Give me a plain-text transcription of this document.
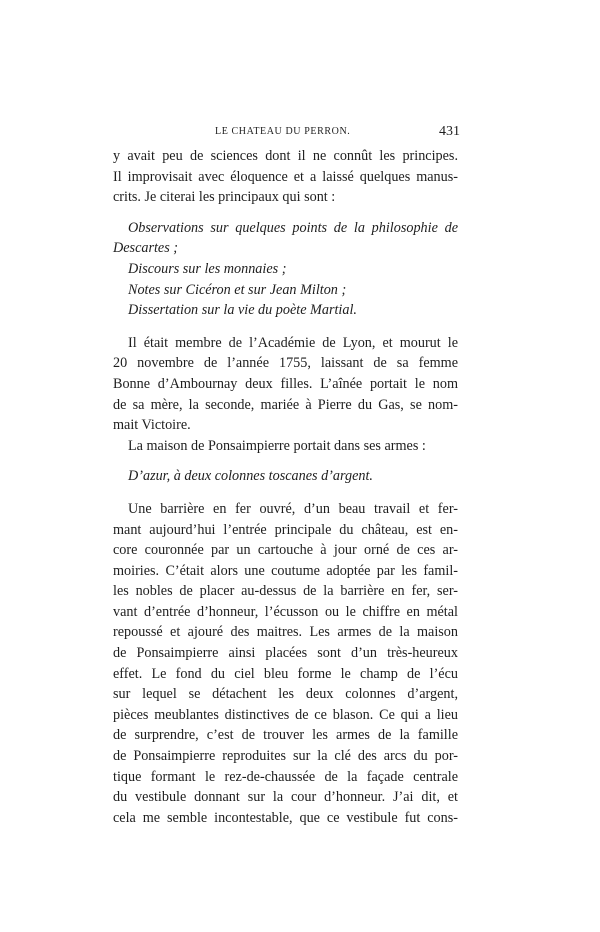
LE CHATEAU DU PERRON.	431
y avait peu de sciences dont il ne connût les principes.
Il improvisait avec éloquence et a laissé quelques manus-
crits. Je citerai les principaux qui sont :
Observations sur quelques points de la philosophie de
Descartes ;
Discours sur les monnaies ;
Notes sur Cicéron et sur Jean Milton ;
Dissertation sur la vie du poète Martial.
Il était membre de l’Académie de Lyon, et mourut le
20 novembre de l’année 1755, laissant de sa femme
Bonne d’Ambournay deux filles. L’aînée portait le nom
de sa mère, la seconde, mariée à Pierre du Gas, se nom-
mait Victoire.
La maison de Ponsaimpierre portait dans ses armes :
D’azur, à deux colonnes toscanes d’argent.
Une barrière en fer ouvré, d’un beau travail et fer-
mant aujourd’hui l’entrée principale du château, est en-
core couronnée par un cartouche à jour orné de ces ar-
moiries. C’était alors une coutume adoptée par les famil-
les nobles de placer au-dessus de la barrière en fer, ser-
vant d’entrée d’honneur, l’écusson ou le chiffre en métal
repoussé et ajouré des maitres. Les armes de la maison
de Ponsaimpierre ainsi placées sont d’un très-heureux
effet. Le fond du ciel bleu forme le champ de l’écu
sur lequel se détachent les deux colonnes d’argent,
pièces meublantes distinctives de ce blason. Ce qui a lieu
de surprendre, c’est de trouver les armes de la famille
de Ponsaimpierre reproduites sur la clé des arcs du por-
tique formant le rez-de-chaussée de la façade centrale
du vestibule donnant sur la cour d’honneur. J’ai dit, et
cela me semble incontestable, que ce vestibule fut cons-
